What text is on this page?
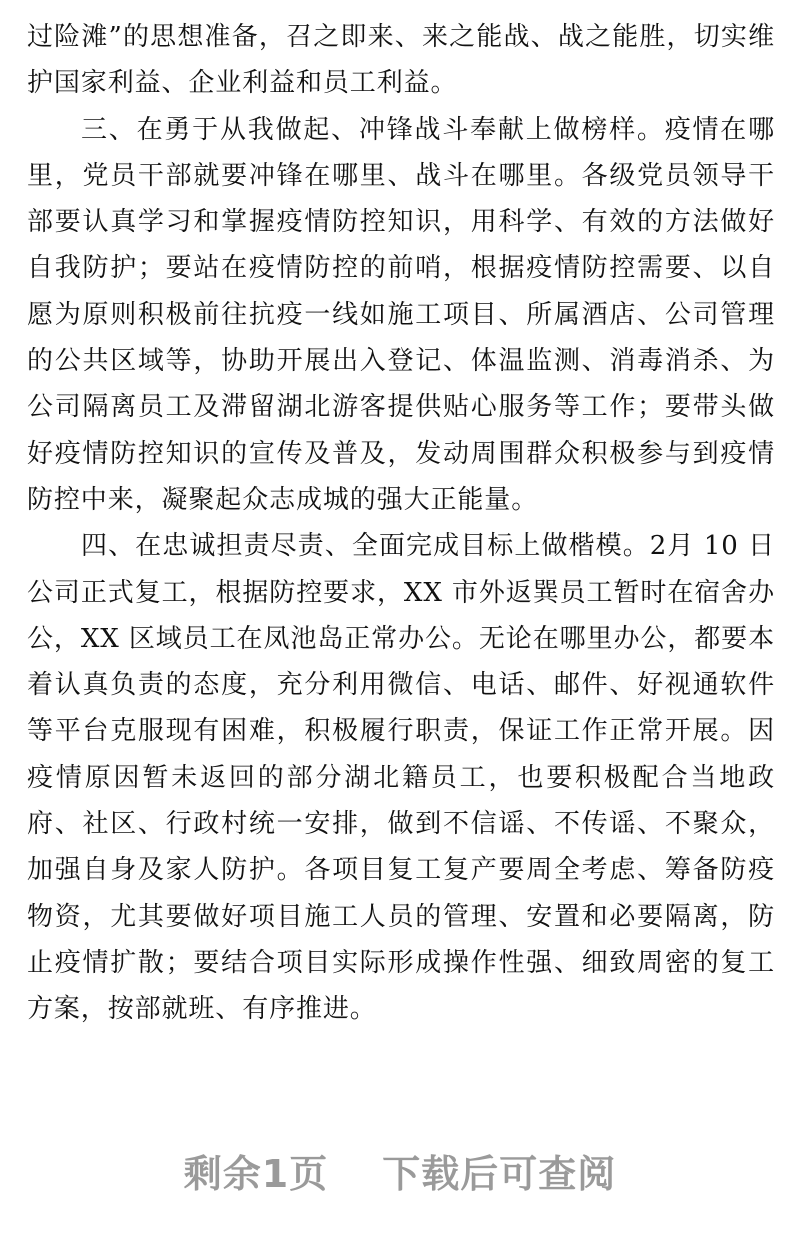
过险滩”的思想准备，召之即来、来之能战、战之能胜，切实维护国家利益、企业利益和员工利益。

三、在勇于从我做起、冲锋战斗奉献上做榜样。疫情在哪里，党员干部就要冲锋在哪里、战斗在哪里。各级党员领导干部要认真学习和掌握疫情防控知识，用科学、有效的方法做好自我防护；要站在疫情防控的前哨，根据疫情防控需要、以自愿为原则积极前往抗疫一线如施工项目、所属酒店、公司管理的公共区域等，协助开展出入登记、体温监测、消毒消杀、为公司隔离员工及滞留湖北游客提供贴心服务等工作；要带头做好疫情防控知识的宣传及普及，发动周围群众积极参与到疫情防控中来，凝聚起众志成城的强大正能量。

四、在忠诚担责尽责、全面完成目标上做楷模。2月 10 日公司正式复工，根据防控要求，XX 市外返巽员工暂时在宿舍办公，XX 区域员工在凤池岛正常办公。无论在哪里办公，都要本着认真负责的态度，充分利用微信、电话、邮件、好视通软件等平台克服现有困难，积极履行职责，保证工作正常开展。因疫情原因暂未返回的部分湖北籍员工，也要积极配合当地政府、社区、行政村统一安排，做到不信谣、不传谣、不聚众，加强自身及家人防护。各项目复工复产要周全考虑、筹备防疫物资，尤其要做好项目施工人员的管理、安置和必要隔离，防止疫情扩散；要结合项目实际形成操作性强、细致周密的复工方案，按部就班、有序推进。

剩余1页 下载后可查阅
